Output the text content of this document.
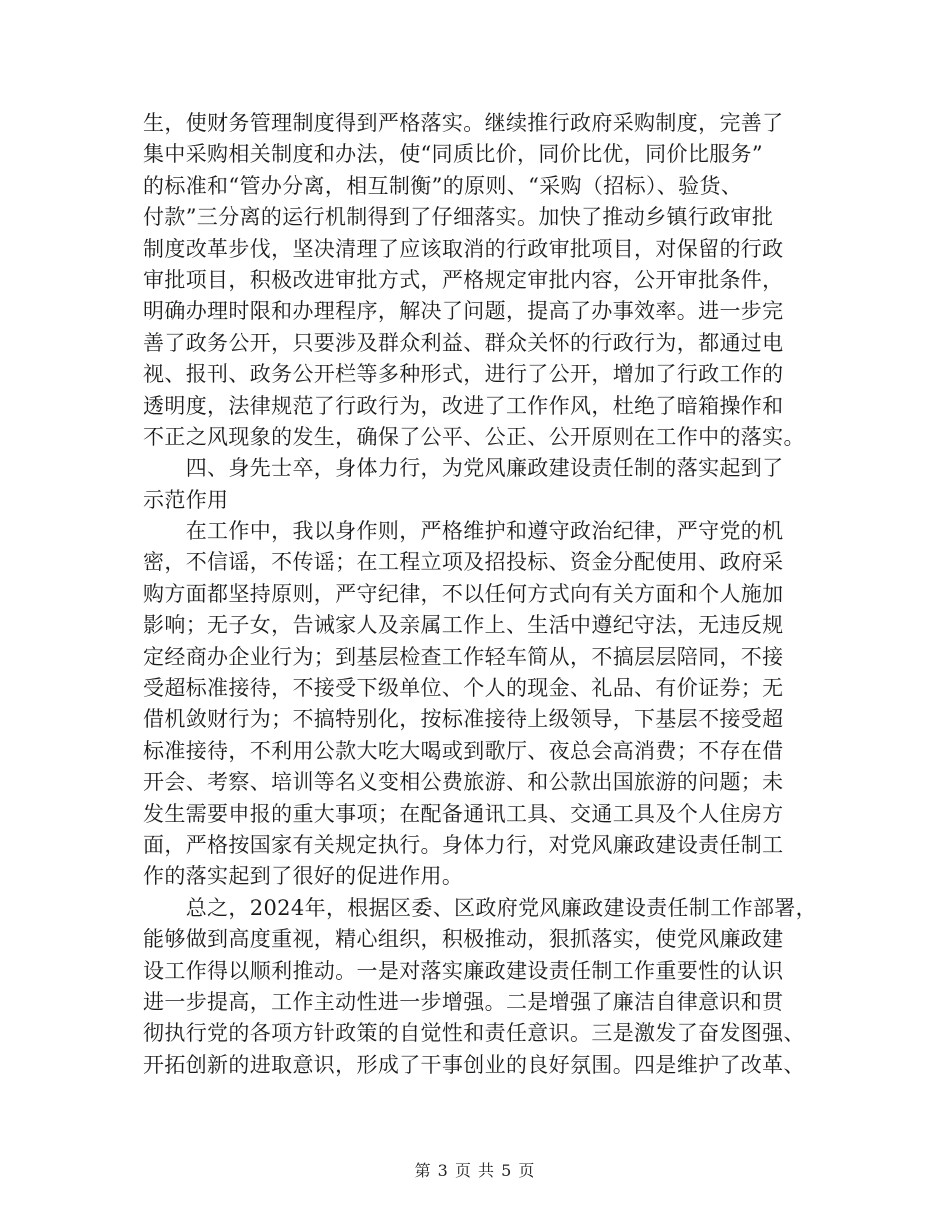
生，使财务管理制度得到严格落实。继续推行政府采购制度，完善了
集中采购相关制度和办法，使“同质比价，同价比优，同价比服务”
的标准和“管办分离，相互制衡”的原则、“采购（招标）、验货、
付款”三分离的运行机制得到了仔细落实。加快了推动乡镇行政审批
制度改革步伐，坚决清理了应该取消的行政审批项目，对保留的行政
审批项目，积极改进审批方式，严格规定审批内容，公开审批条件，
明确办理时限和办理程序，解决了问题，提高了办事效率。进一步完
善了政务公开，只要涉及群众利益、群众关怀的行政行为，都通过电
视、报刊、政务公开栏等多种形式，进行了公开，增加了行政工作的
透明度，法律规范了行政行为，改进了工作作风，杜绝了暗箱操作和
不正之风现象的发生，确保了公平、公正、公开原则在工作中的落实。
　　四、身先士卒，身体力行，为党风廉政建设责任制的落实起到了
示范作用
　　在工作中，我以身作则，严格维护和遵守政治纪律，严守党的机
密，不信谣，不传谣；在工程立项及招投标、资金分配使用、政府采
购方面都坚持原则，严守纪律，不以任何方式向有关方面和个人施加
影响；无子女，告诫家人及亲属工作上、生活中遵纪守法，无违反规
定经商办企业行为；到基层检查工作轻车简从，不搞层层陪同，不接
受超标准接待，不接受下级单位、个人的现金、礼品、有价证券；无
借机敛财行为；不搞特别化，按标准接待上级领导，下基层不接受超
标准接待，不利用公款大吃大喝或到歌厅、夜总会高消费；不存在借
开会、考察、培训等名义变相公费旅游、和公款出国旅游的问题；未
发生需要申报的重大事项；在配备通讯工具、交通工具及个人住房方
面，严格按国家有关规定执行。身体力行，对党风廉政建设责任制工
作的落实起到了很好的促进作用。
　　总之，2024年，根据区委、区政府党风廉政建设责任制工作部署，
能够做到高度重视，精心组织，积极推动，狠抓落实，使党风廉政建
设工作得以顺利推动。一是对落实廉政建设责任制工作重要性的认识
进一步提高，工作主动性进一步增强。二是增强了廉洁自律意识和贯
彻执行党的各项方针政策的自觉性和责任意识。三是激发了奋发图强、
开拓创新的进取意识，形成了干事创业的良好氛围。四是维护了改革、
第 3 页 共 5 页
